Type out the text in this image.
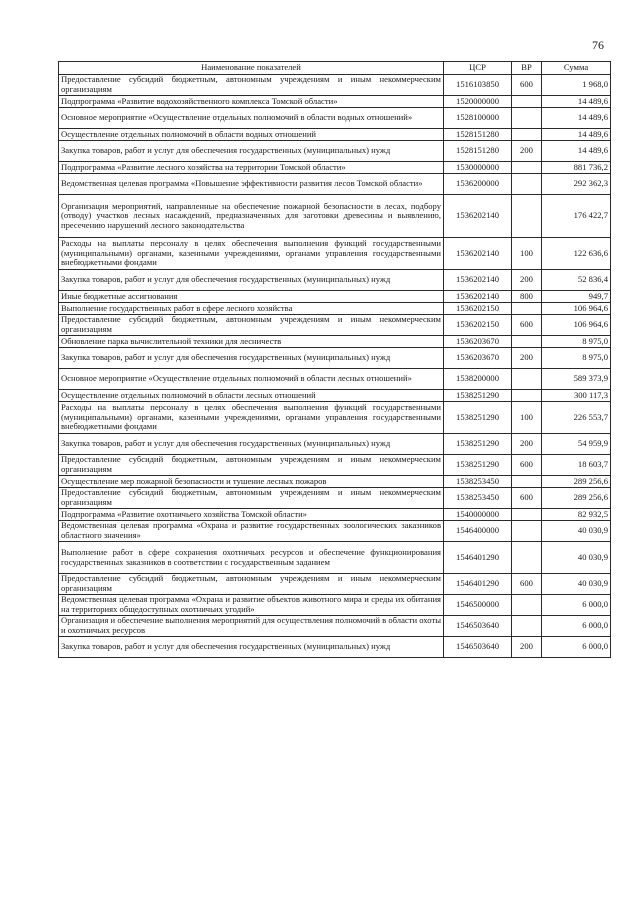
76
Наименование показателей	ЦСР	ВР	Сумма
Предоставление субсидий бюджетным, автономным учреждениям и иным некоммерческим организациям	1516103850	600	1 968,0
Подпрограмма «Развитие водохозяйственного комплекса Томской области»	1520000000		14 489,6
Основное мероприятие «Осуществление отдельных полномочий в области водных отношений»	1528100000		14 489,6
Осуществление отдельных полномочий в области водных отношений	1528151280		14 489,6
Закупка товаров, работ и услуг для обеспечения государственных (муниципальных) нужд	1528151280	200	14 489,6
Подпрограмма «Развитие лесного хозяйства на территории Томской области»	1530000000		881 736,2
Ведомственная целевая программа «Повышение эффективности развития лесов Томской области»	1536200000		292 362,3
Организация мероприятий, направленные на обеспечение пожарной безопасности в лесах, подбору (отводу) участков лесных насаждений, предназначенных для заготовки древесины и выявлению, пресечению нарушений лесного законодательства	1536202140		176 422,7
Расходы на выплаты персоналу в целях обеспечения выполнения функций государственными (муниципальными) органами, казенными учреждениями, органами управления государственными внебюджетными фондами	1536202140	100	122 636,6
Закупка товаров, работ и услуг для обеспечения государственных (муниципальных) нужд	1536202140	200	52 836,4
Иные бюджетные ассигнования	1536202140	800	949,7
Выполнение государственных работ в сфере лесного хозяйства	1536202150		106 964,6
Предоставление субсидий бюджетным, автономным учреждениям и иным некоммерческим организациям	1536202150	600	106 964,6
Обновление парка вычислительной техники для лесничеств	1536203670		8 975,0
Закупка товаров, работ и услуг для обеспечения государственных (муниципальных) нужд	1536203670	200	8 975,0
Основное мероприятие «Осуществление отдельных полномочий в области лесных отношений»	1538200000		589 373,9
Осуществление отдельных полномочий в области лесных отношений	1538251290		300 117,3
Расходы на выплаты персоналу в целях обеспечения выполнения функций государственными (муниципальными) органами, казенными учреждениями, органами управления государственными внебюджетными фондами	1538251290	100	226 553,7
Закупка товаров, работ и услуг для обеспечения государственных (муниципальных) нужд	1538251290	200	54 959,9
Предоставление субсидий бюджетным, автономным учреждениям и иным некоммерческим организациям	1538251290	600	18 603,7
Осуществление мер пожарной безопасности и тушение лесных пожаров	1538253450		289 256,6
Предоставление субсидий бюджетным, автономным учреждениям и иным некоммерческим организациям	1538253450	600	289 256,6
Подпрограмма «Развитие охотничьего хозяйства Томской области»	1540000000		82 932,5
Ведомственная целевая программа «Охрана и развитие государственных зоологических заказников областного значения»	1546400000		40 030,9
Выполнение работ в сфере сохранения охотничьих ресурсов и обеспечение функционирования государственных заказников в соответствии с государственным заданием	1546401290		40 030,9
Предоставление субсидий бюджетным, автономным учреждениям и иным некоммерческим организациям	1546401290	600	40 030,9
Ведомственная целевая программа «Охрана и развитие объектов животного мира и среды их обитания на территориях общедоступных охотничьих угодий»	1546500000		6 000,0
Организация и обеспечение выполнения мероприятий для осуществления полномочий в области охоты и охотничьих ресурсов	1546503640		6 000,0
Закупка товаров, работ и услуг для обеспечения государственных (муниципальных) нужд	1546503640	200	6 000,0
